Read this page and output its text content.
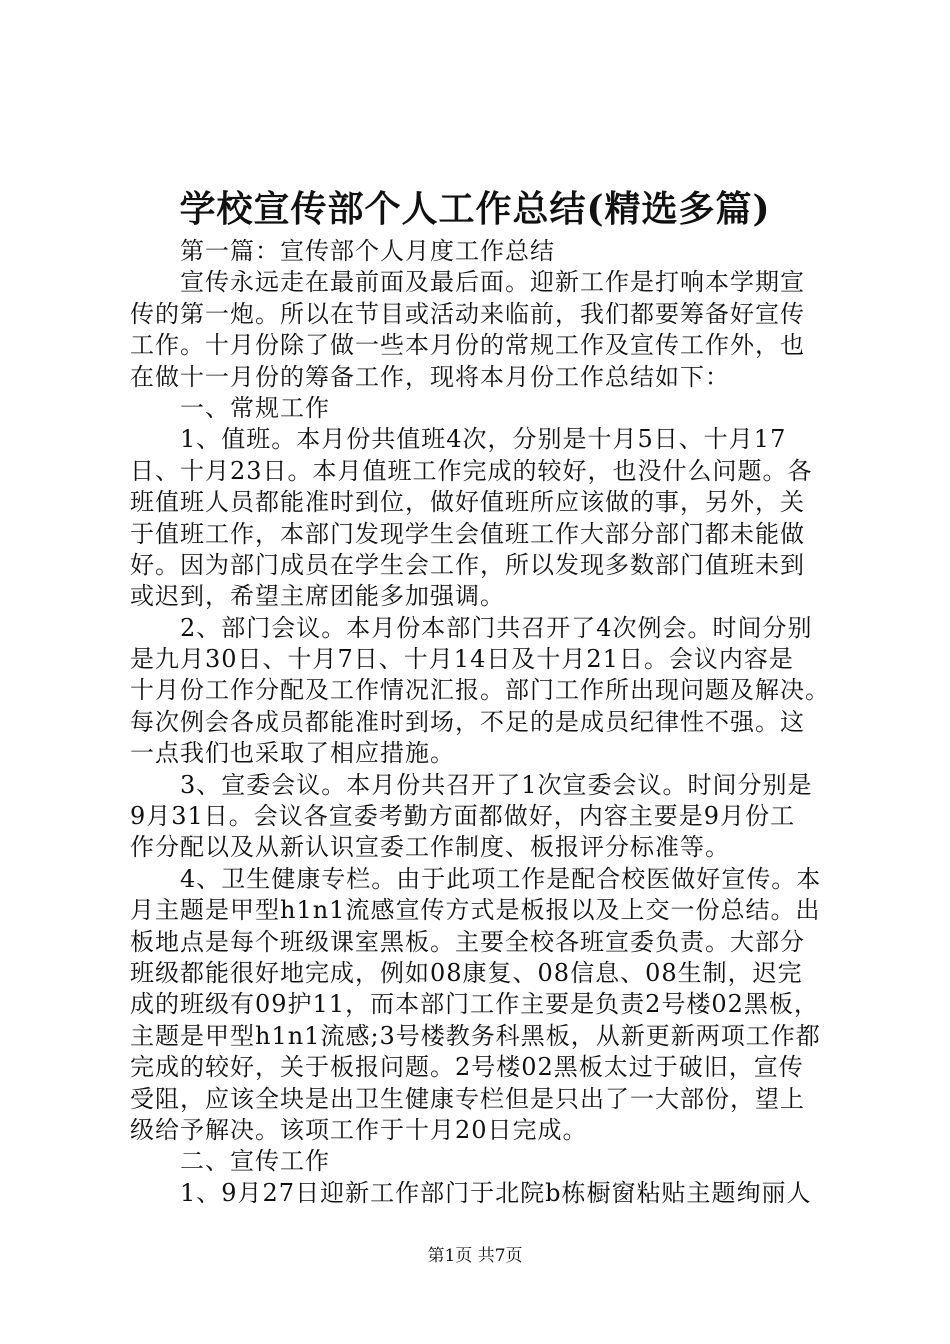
学校宣传部个人工作总结(精选多篇)
第一篇：宣传部个人月度工作总结
宣传永远走在最前面及最后面。迎新工作是打响本学期宣
传的第一炮。所以在节目或活动来临前，我们都要筹备好宣传
工作。十月份除了做一些本月份的常规工作及宣传工作外，也
在做十一月份的筹备工作，现将本月份工作总结如下：
一、常规工作
1、值班。本月份共值班4次，分别是十月5日、十月17
日、十月23日。本月值班工作完成的较好，也没什么问题。各
班值班人员都能准时到位，做好值班所应该做的事，另外，关
于值班工作，本部门发现学生会值班工作大部分部门都未能做
好。因为部门成员在学生会工作，所以发现多数部门值班未到
或迟到，希望主席团能多加强调。
2、部门会议。本月份本部门共召开了4次例会。时间分别
是九月30日、十月7日、十月14日及十月21日。会议内容是
十月份工作分配及工作情况汇报。部门工作所出现问题及解决。
每次例会各成员都能准时到场，不足的是成员纪律性不强。这
一点我们也采取了相应措施。
3、宣委会议。本月份共召开了1次宣委会议。时间分别是
9月31日。会议各宣委考勤方面都做好，内容主要是9月份工
作分配以及从新认识宣委工作制度、板报评分标准等。
4、卫生健康专栏。由于此项工作是配合校医做好宣传。本
月主题是甲型h1n1流感宣传方式是板报以及上交一份总结。出
板地点是每个班级课室黑板。主要全校各班宣委负责。大部分
班级都能很好地完成，例如08康复、08信息、08生制，迟完
成的班级有09护11，而本部门工作主要是负责2号楼02黑板，
主题是甲型h1n1流感;3号楼教务科黑板，从新更新两项工作都
完成的较好，关于板报问题。2号楼02黑板太过于破旧，宣传
受阻，应该全块是出卫生健康专栏但是只出了一大部份，望上
级给予解决。该项工作于十月20日完成。
二、宣传工作
1、9月27日迎新工作部门于北院b栋橱窗粘贴主题绚丽人
第1页 共7页
